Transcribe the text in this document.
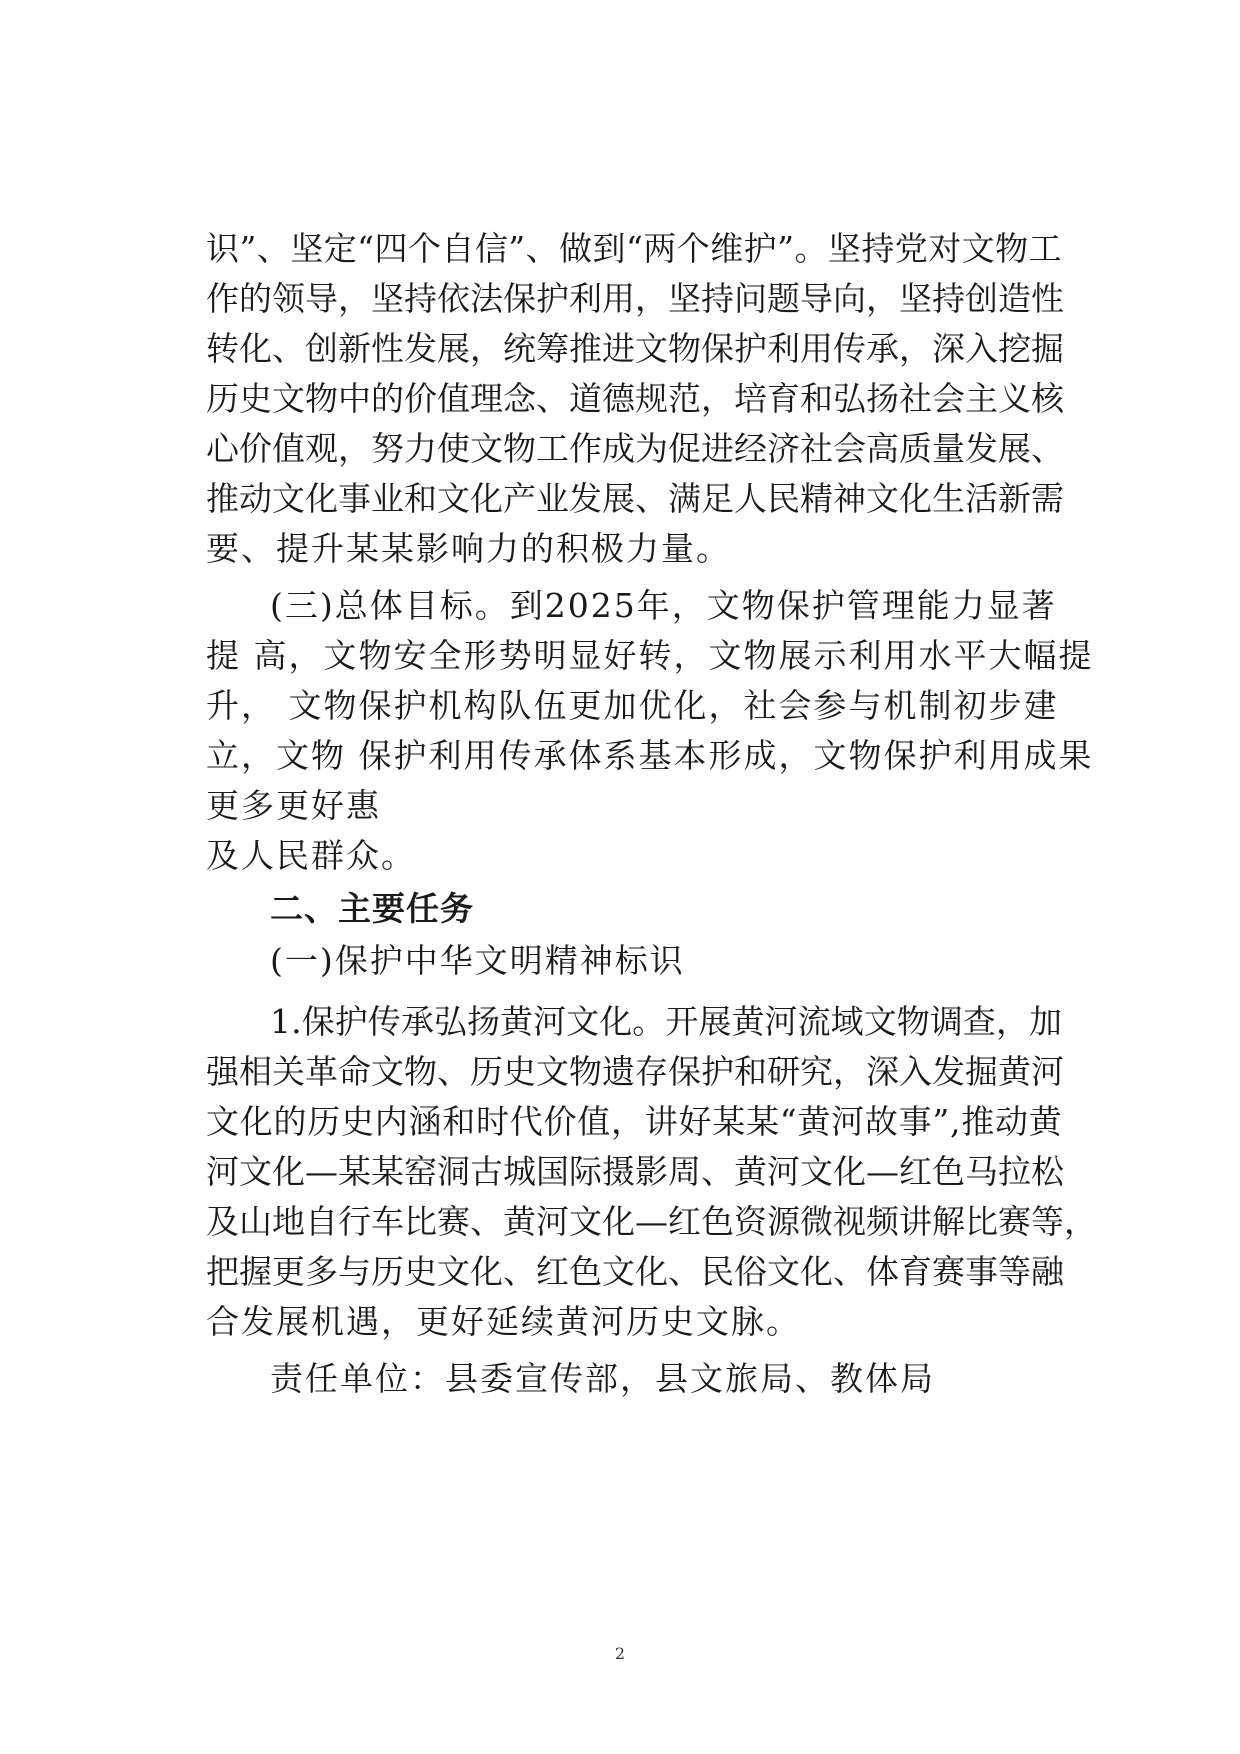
识 ” 、 坚 定 “ 四 个 自 信 ” 、 做 到 “ 两 个 维 护 ” 。 坚 持 党 对 文 物 工
作 的 领 导 ， 坚 持 依 法 保 护 利 用 ， 坚 持 问 题 导 向 ， 坚 持 创 造 性
转 化 、 创 新 性 发 展 ， 统 筹 推 进 文 物 保 护 利 用 传 承 ， 深 入 挖 掘
历 史 文 物 中 的 价 值 理 念 、 道 德 规 范 ， 培 育 和 弘 扬 社 会 主 义 核
心 价 值 观 ， 努 力 使 文 物 工 作 成 为 促 进 经 济 社 会 高 质 量 发 展 、
推 动 文 化 事 业 和 文 化 产 业 发 展 、 满 足 人 民 精 神 文 化 生 活 新 需
要、提升某某影响力的积极力量。
(三)总体目标。到2025年，文物保护管理能力显著
提 高，文物安全形势明显好转，文物展示利用水平大幅提
升， 文物保护机构队伍更加优化，社会参与机制初步建
立，文物 保护利用传承体系基本形成，文物保护利用成果
更多更好惠
及人民群众。
二、主要任务
(一)保护中华文明精神标识
1 . 保 护 传 承 弘 扬 黄 河 文 化 。 开 展 黄 河 流 域 文 物 调 查 ， 加
强 相 关 革 命 文 物 、 历 史 文 物 遗 存 保 护 和 研 究 ， 深 入 发 掘 黄 河
文 化 的 历 史 内 涵 和 时 代 价 值 ， 讲 好 某 某 “ 黄 河 故 事 ” , 推 动 黄
河 文 化 — 某 某 窑 洞 古 城 国 际 摄 影 周 、 黄 河 文 化 — 红 色 马 拉 松
及 山 地 自 行 车 比 赛 、 黄 河 文 化 — 红 色 资 源 微 视 频 讲 解 比 赛 等 ，
把 握 更 多 与 历 史 文 化 、 红 色 文 化 、 民 俗 文 化 、 体 育 赛 事 等 融
合发展机遇，更好延续黄河历史文脉。
责任单位：县委宣传部，县文旅局、教体局
2
